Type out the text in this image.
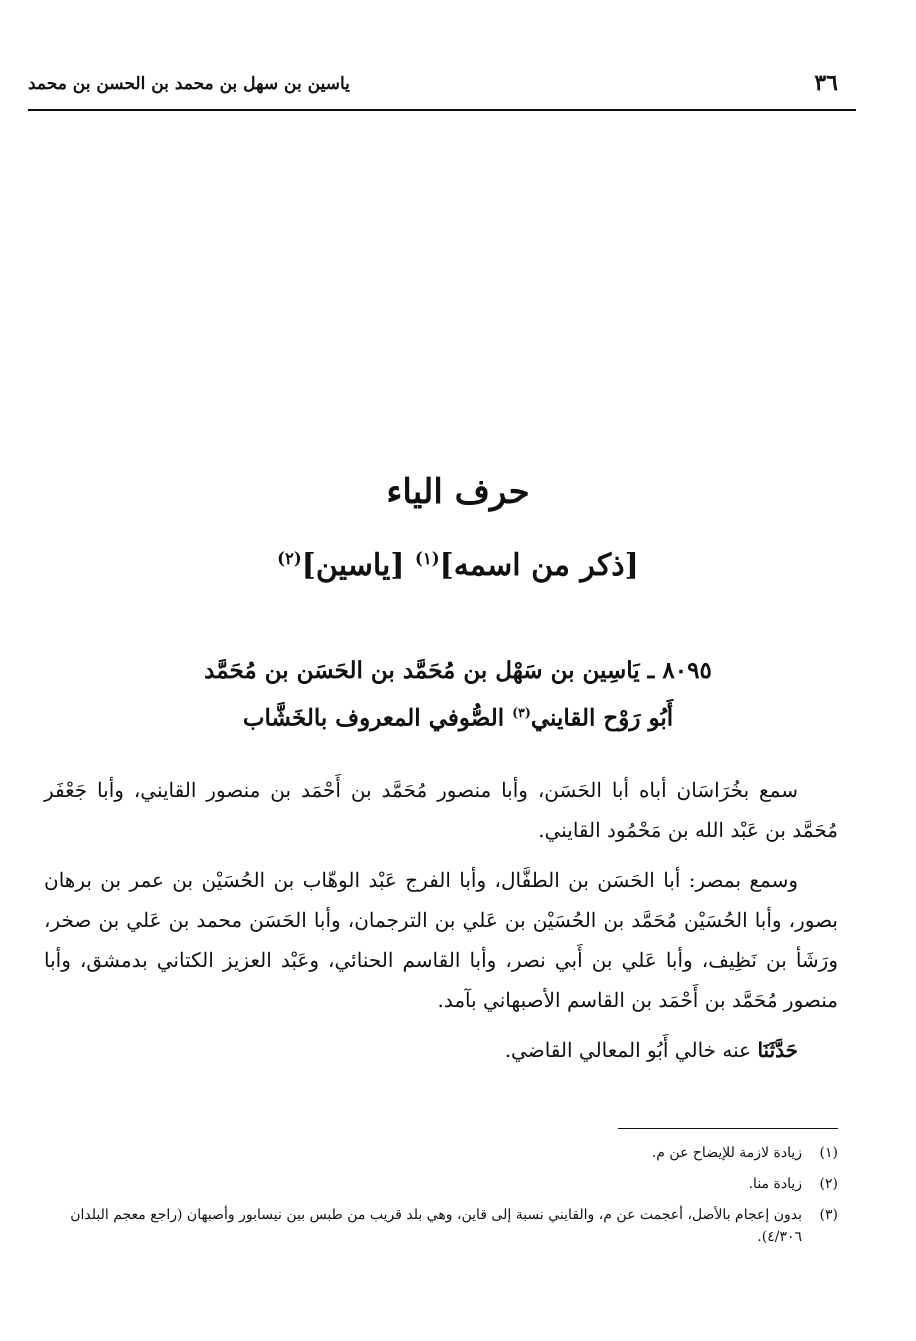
٣٦
ياسين بن سهل بن محمد بن الحسن بن محمد
حرف الياء
[ذكر من اسمه]$^{(١)}$ [ياسين]$^{(٢)}$
٨٠٩٥ ـ يَاسِين بن سَهْل بن مُحَمَّد بن الحَسَن بن مُحَمَّد
أَبُو رَوْح القايني$^{(٣)}$ الصُّوفي المعروف بالخَشَّاب

سمع بخُرَاسَان أباه أبا الحَسَن، وأبا منصور مُحَمَّد بن أَحْمَد بن منصور القايني، وأبا جَعْفَر مُحَمَّد بن عَبْد الله بن مَحْمُود القايني.

وسمع بمصر: أبا الحَسَن بن الطفَّال، وأبا الفرج عَبْد الوهّاب بن الحُسَيْن بن عمر بن برهان بصور، وأبا الحُسَيْن مُحَمَّد بن الحُسَيْن بن عَلي بن الترجمان، وأبا الحَسَن محمد بن عَلي بن صخر، ورَشَأ بن نَظِيف، وأبا عَلي بن أَبي نصر، وأبا القاسم الحنائي، وعَبْد العزيز الكتاني بدمشق، وأبا منصور مُحَمَّد بن أَحْمَد بن القاسم الأصبهاني بآمد.

حَدَّثَنَا عنه خالي أَبُو المعالي القاضي.

(١)
زيادة لازمة للإيضاح عن م.
(٢)
زيادة منا.
(٣)
بدون إعجام بالأصل، أعجمت عن م، والقايني نسبة إلى قاين، وهي بلد قريب من طبس بين نيسابور وأصبهان (راجع معجم البلدان ٤/٣٠٦).
